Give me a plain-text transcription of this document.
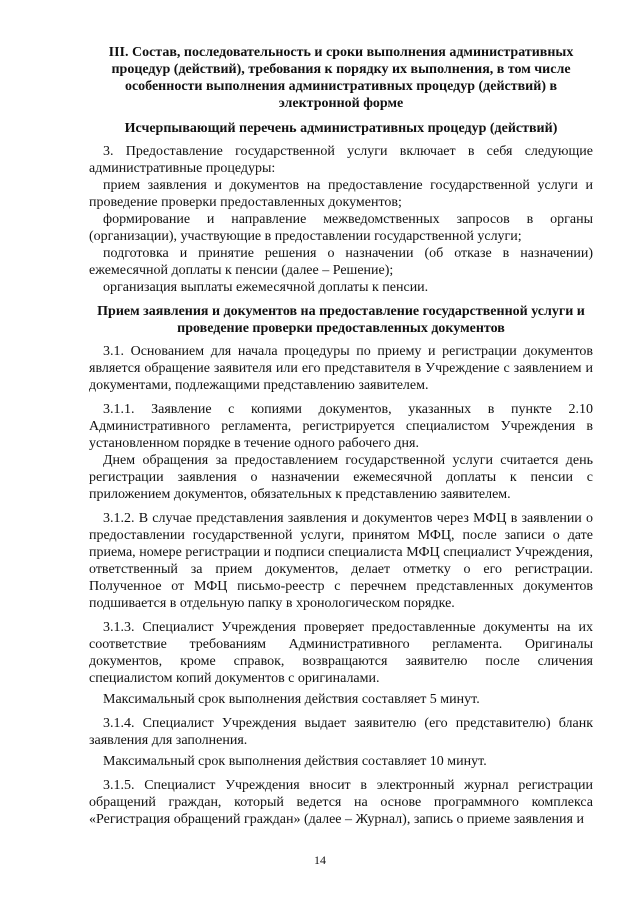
III. Состав, последовательность и сроки выполнения административных процедур (действий), требования к порядку их выполнения, в том числе особенности выполнения административных процедур (действий) в электронной форме

Исчерпывающий перечень административных процедур (действий)

3. Предоставление государственной услуги включает в себя следующие административные процедуры:

прием заявления и документов на предоставление государственной услуги и проведение проверки предоставленных документов;

формирование и направление межведомственных запросов в органы (организации), участвующие в предоставлении государственной услуги;

подготовка и принятие решения о назначении (об отказе в назначении) ежемесячной доплаты к пенсии (далее – Решение);

организация выплаты ежемесячной доплаты к пенсии.

Прием заявления и документов на предоставление государственной услуги и проведение проверки предоставленных документов

3.1. Основанием для начала процедуры по приему и регистрации документов является обращение заявителя или его представителя в Учреждение с заявлением и документами, подлежащими представлению заявителем.

3.1.1. Заявление с копиями документов, указанных в пункте 2.10 Административного регламента, регистрируется специалистом Учреждения в установленном порядке в течение одного рабочего дня.

Днем обращения за предоставлением государственной услуги считается день регистрации заявления о назначении ежемесячной доплаты к пенсии с приложением документов, обязательных к представлению заявителем.

3.1.2. В случае представления заявления и документов через МФЦ в заявлении о предоставлении государственной услуги, принятом МФЦ, после записи о дате приема, номере регистрации и подписи специалиста МФЦ специалист Учреждения, ответственный за прием документов, делает отметку о его регистрации. Полученное от МФЦ письмо-реестр с перечнем представленных документов подшивается в отдельную папку в хронологическом порядке.

3.1.3. Специалист Учреждения проверяет предоставленные документы на их соответствие требованиям Административного регламента. Оригиналы документов, кроме справок, возвращаются заявителю после сличения специалистом копий документов с оригиналами.

Максимальный срок выполнения действия составляет 5 минут.

3.1.4. Специалист Учреждения выдает заявителю (его представителю) бланк заявления для заполнения.

Максимальный срок выполнения действия составляет 10 минут.

3.1.5. Специалист Учреждения вносит в электронный журнал регистрации обращений граждан, который ведется на основе программного комплекса «Регистрация обращений граждан» (далее – Журнал), запись о приеме заявления и

14
